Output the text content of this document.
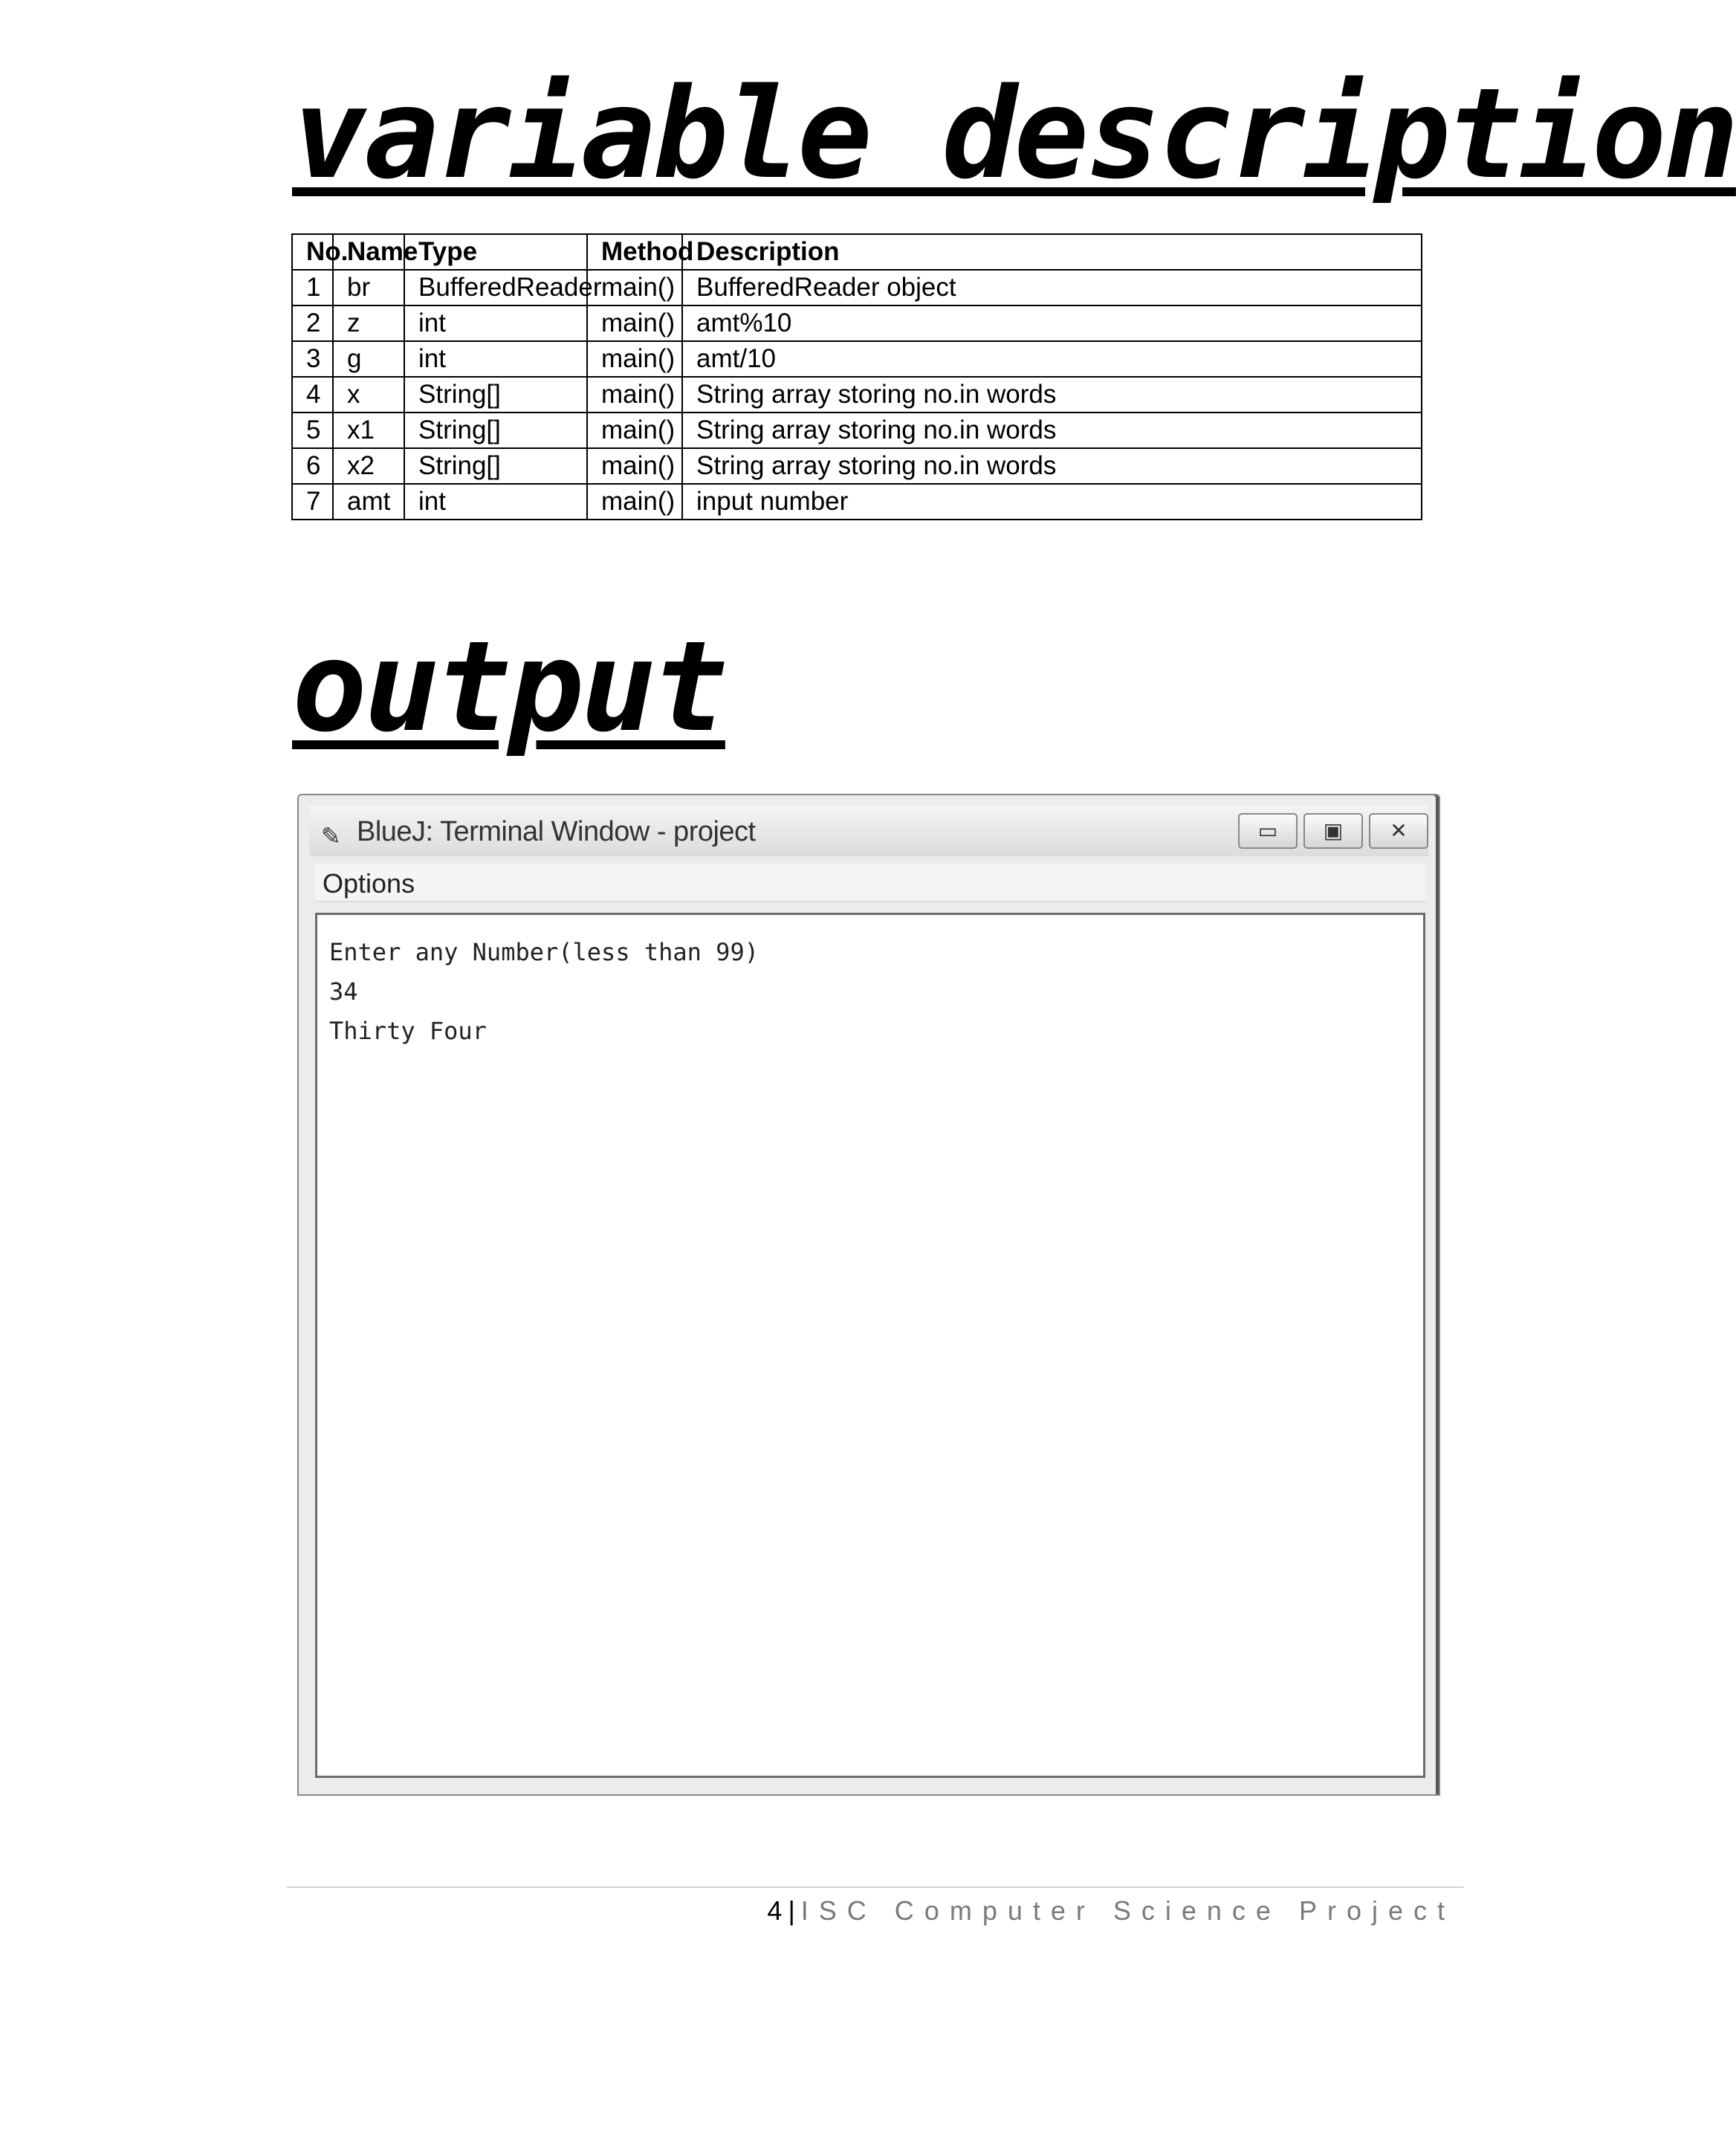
variable description
No.	Name	Type	Method	Description
1	br	BufferedReader	main()	BufferedReader object
2	z	int	main()	amt%10
3	g	int	main()	amt/10
4	x	String[]	main()	String array storing no.in words
5	x1	String[]	main()	String array storing no.in words
6	x2	String[]	main()	String array storing no.in words
7	amt	int	main()	input number
output
✎ BlueJ: Terminal Window - project	▭	▣	✕
Options

Enter any Number(less than 99)

34

Thirty Four

4 | ISC Computer Science Project
